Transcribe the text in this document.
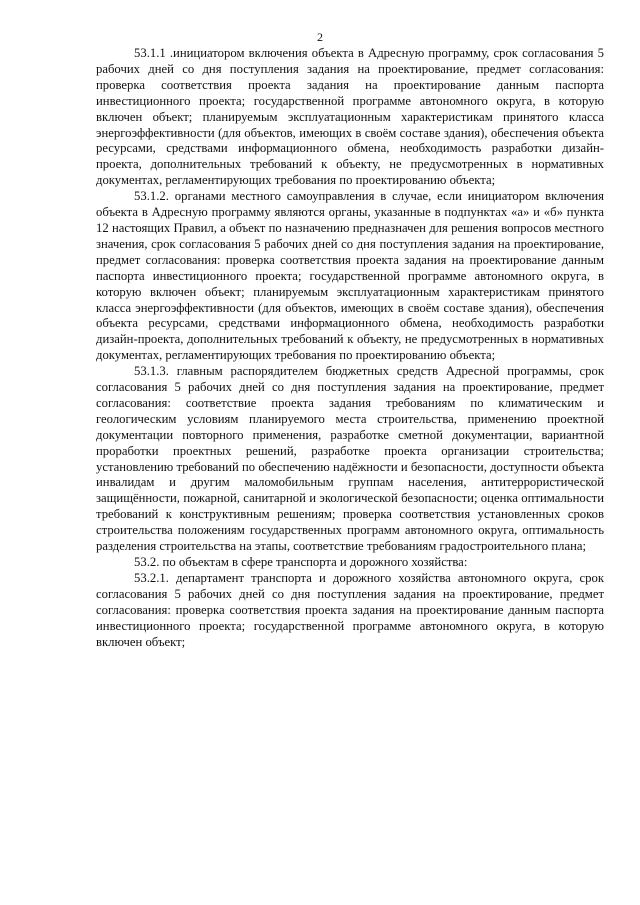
2

53.1.1 .инициатором включения объекта в Адресную программу, срок согласования 5 рабочих дней со дня поступления задания на проектирование, предмет согласования: проверка соответствия проекта задания на проектирование данным паспорта инвестиционного проекта; государственной программе автономного округа, в которую включен объект; планируемым эксплуатационным характеристикам принятого класса энергоэффективности (для объектов, имеющих в своём составе здания), обеспечения объекта ресурсами, средствами информационного обмена, необходимость разработки дизайн-проекта, дополнительных требований к объекту, не предусмотренных в нормативных документах, регламентирующих требования по проектированию объекта;

53.1.2. органами местного самоуправления в случае, если инициатором включения объекта в Адресную программу являются органы, указанные в подпунктах «а» и «б» пункта 12 настоящих Правил, а объект по назначению предназначен для решения вопросов местного значения, срок согласования 5 рабочих дней со дня поступления задания на проектирование, предмет согласования: проверка соответствия проекта задания на проектирование данным паспорта инвестиционного проекта; государственной программе автономного округа, в которую включен объект; планируемым эксплуатационным характеристикам принятого класса энергоэффективности (для объектов, имеющих в своём составе здания), обеспечения объекта ресурсами, средствами информационного обмена, необходимость разработки дизайн-проекта, дополнительных требований к объекту, не предусмотренных в нормативных документах, регламентирующих требования по проектированию объекта;

53.1.3. главным распорядителем бюджетных средств Адресной программы, срок согласования 5 рабочих дней со дня поступления задания на проектирование, предмет согласования: соответствие проекта задания требованиям по климатическим и геологическим условиям планируемого места строительства, применению проектной документации повторного применения, разработке сметной документации, вариантной проработки проектных решений, разработке проекта организации строительства; установлению требований по обеспечению надёжности и безопасности, доступности объекта инвалидам и другим маломобильным группам населения, антитеррористической защищённости, пожарной, санитарной и экологической безопасности; оценка оптимальности требований к конструктивным решениям; проверка соответствия установленных сроков строительства положениям государственных программ автономного округа, оптимальность разделения строительства на этапы, соответствие требованиям градостроительного плана;

53.2. по объектам в сфере транспорта и дорожного хозяйства:

53.2.1. департамент транспорта и дорожного хозяйства автономного округа, срок согласования 5 рабочих дней со дня поступления задания на проектирование, предмет согласования: проверка соответствия проекта задания на проектирование данным паспорта инвестиционного проекта; государственной программе автономного округа, в которую включен объект;
